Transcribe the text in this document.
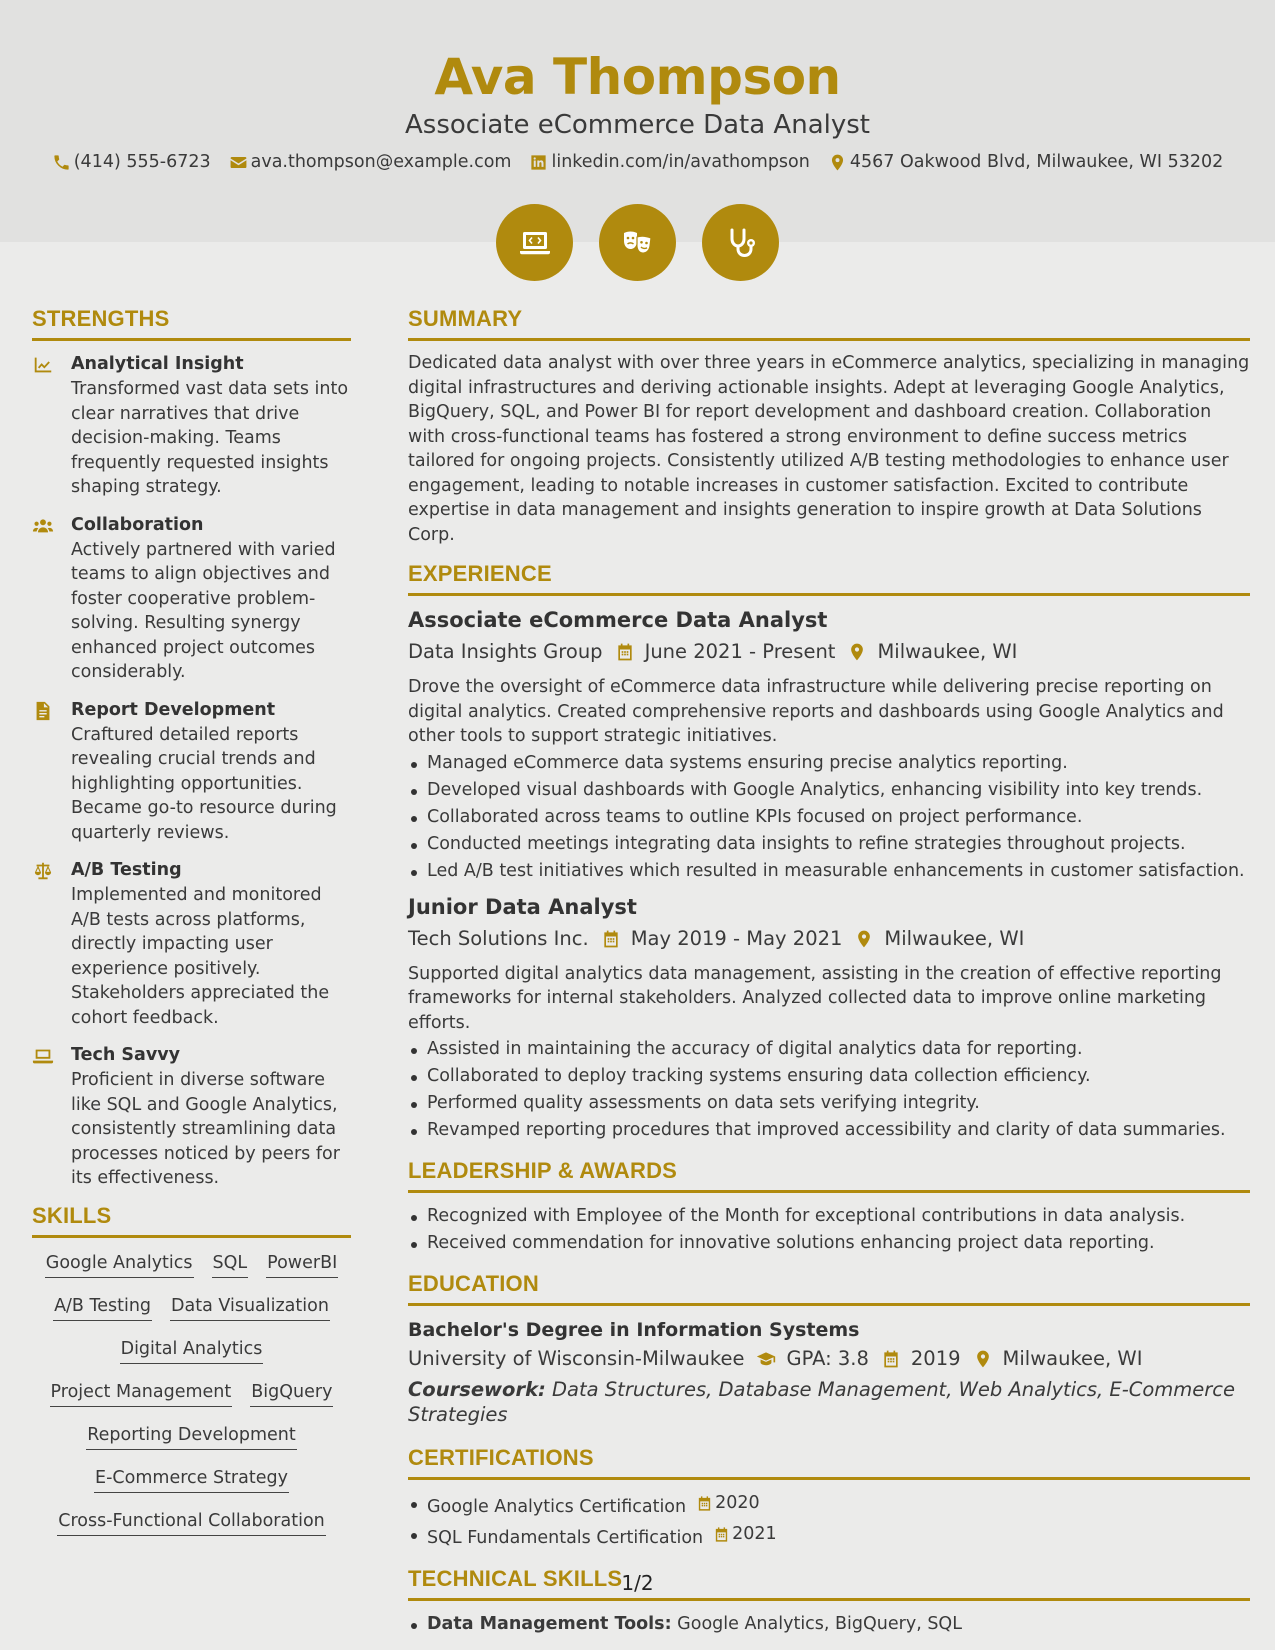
Ava Thompson
Associate eCommerce Data Analyst
(414) 555-6723 ava.thompson@example.com linkedin.com/in/avathompson 4567 Oakwood Blvd, Milwaukee, WI 53202
STRENGTHS
Analytical Insight
Transformed vast data sets into clear narratives that drive decision-making. Teams frequently requested insights shaping strategy.
Collaboration
Actively partnered with varied teams to align objectives and foster cooperative problem-solving. Resulting synergy enhanced project outcomes considerably.
Report Development
Craftured detailed reports revealing crucial trends and highlighting opportunities. Became go-to resource during quarterly reviews.
A/B Testing
Implemented and monitored A/B tests across platforms, directly impacting user experience positively. Stakeholders appreciated the cohort feedback.
Tech Savvy
Proficient in diverse software like SQL and Google Analytics, consistently streamlining data processes noticed by peers for its effectiveness.
SKILLS
Google Analytics SQL PowerBI
A/B Testing Data Visualization
Digital Analytics
Project Management BigQuery
Reporting Development
E-Commerce Strategy
Cross-Functional Collaboration
SUMMARY
Dedicated data analyst with over three years in eCommerce analytics, specializing in managing digital infrastructures and deriving actionable insights. Adept at leveraging Google Analytics, BigQuery, SQL, and Power BI for report development and dashboard creation. Collaboration with cross-functional teams has fostered a strong environment to define success metrics tailored for ongoing projects. Consistently utilized A/B testing methodologies to enhance user engagement, leading to notable increases in customer satisfaction. Excited to contribute expertise in data management and insights generation to inspire growth at Data Solutions Corp.
EXPERIENCE
Associate eCommerce Data Analyst
Data Insights Group June 2021 - Present Milwaukee, WI
Drove the oversight of eCommerce data infrastructure while delivering precise reporting on digital analytics. Created comprehensive reports and dashboards using Google Analytics and other tools to support strategic initiatives.
Managed eCommerce data systems ensuring precise analytics reporting.
Developed visual dashboards with Google Analytics, enhancing visibility into key trends.
Collaborated across teams to outline KPIs focused on project performance.
Conducted meetings integrating data insights to refine strategies throughout projects.
Led A/B test initiatives which resulted in measurable enhancements in customer satisfaction.
Junior Data Analyst
Tech Solutions Inc. May 2019 - May 2021 Milwaukee, WI
Supported digital analytics data management, assisting in the creation of effective reporting frameworks for internal stakeholders. Analyzed collected data to improve online marketing efforts.
Assisted in maintaining the accuracy of digital analytics data for reporting.
Collaborated to deploy tracking systems ensuring data collection efficiency.
Performed quality assessments on data sets verifying integrity.
Revamped reporting procedures that improved accessibility and clarity of data summaries.
LEADERSHIP & AWARDS
Recognized with Employee of the Month for exceptional contributions in data analysis.
Received commendation for innovative solutions enhancing project data reporting.
EDUCATION
Bachelor's Degree in Information Systems
University of Wisconsin-Milwaukee GPA: 3.8 2019 Milwaukee, WI
Coursework: Data Structures, Database Management, Web Analytics, E-Commerce Strategies
CERTIFICATIONS
Google Analytics Certification 2020
SQL Fundamentals Certification 2021
TECHNICAL SKILLS
Data Management Tools: Google Analytics, BigQuery, SQL
1/2
